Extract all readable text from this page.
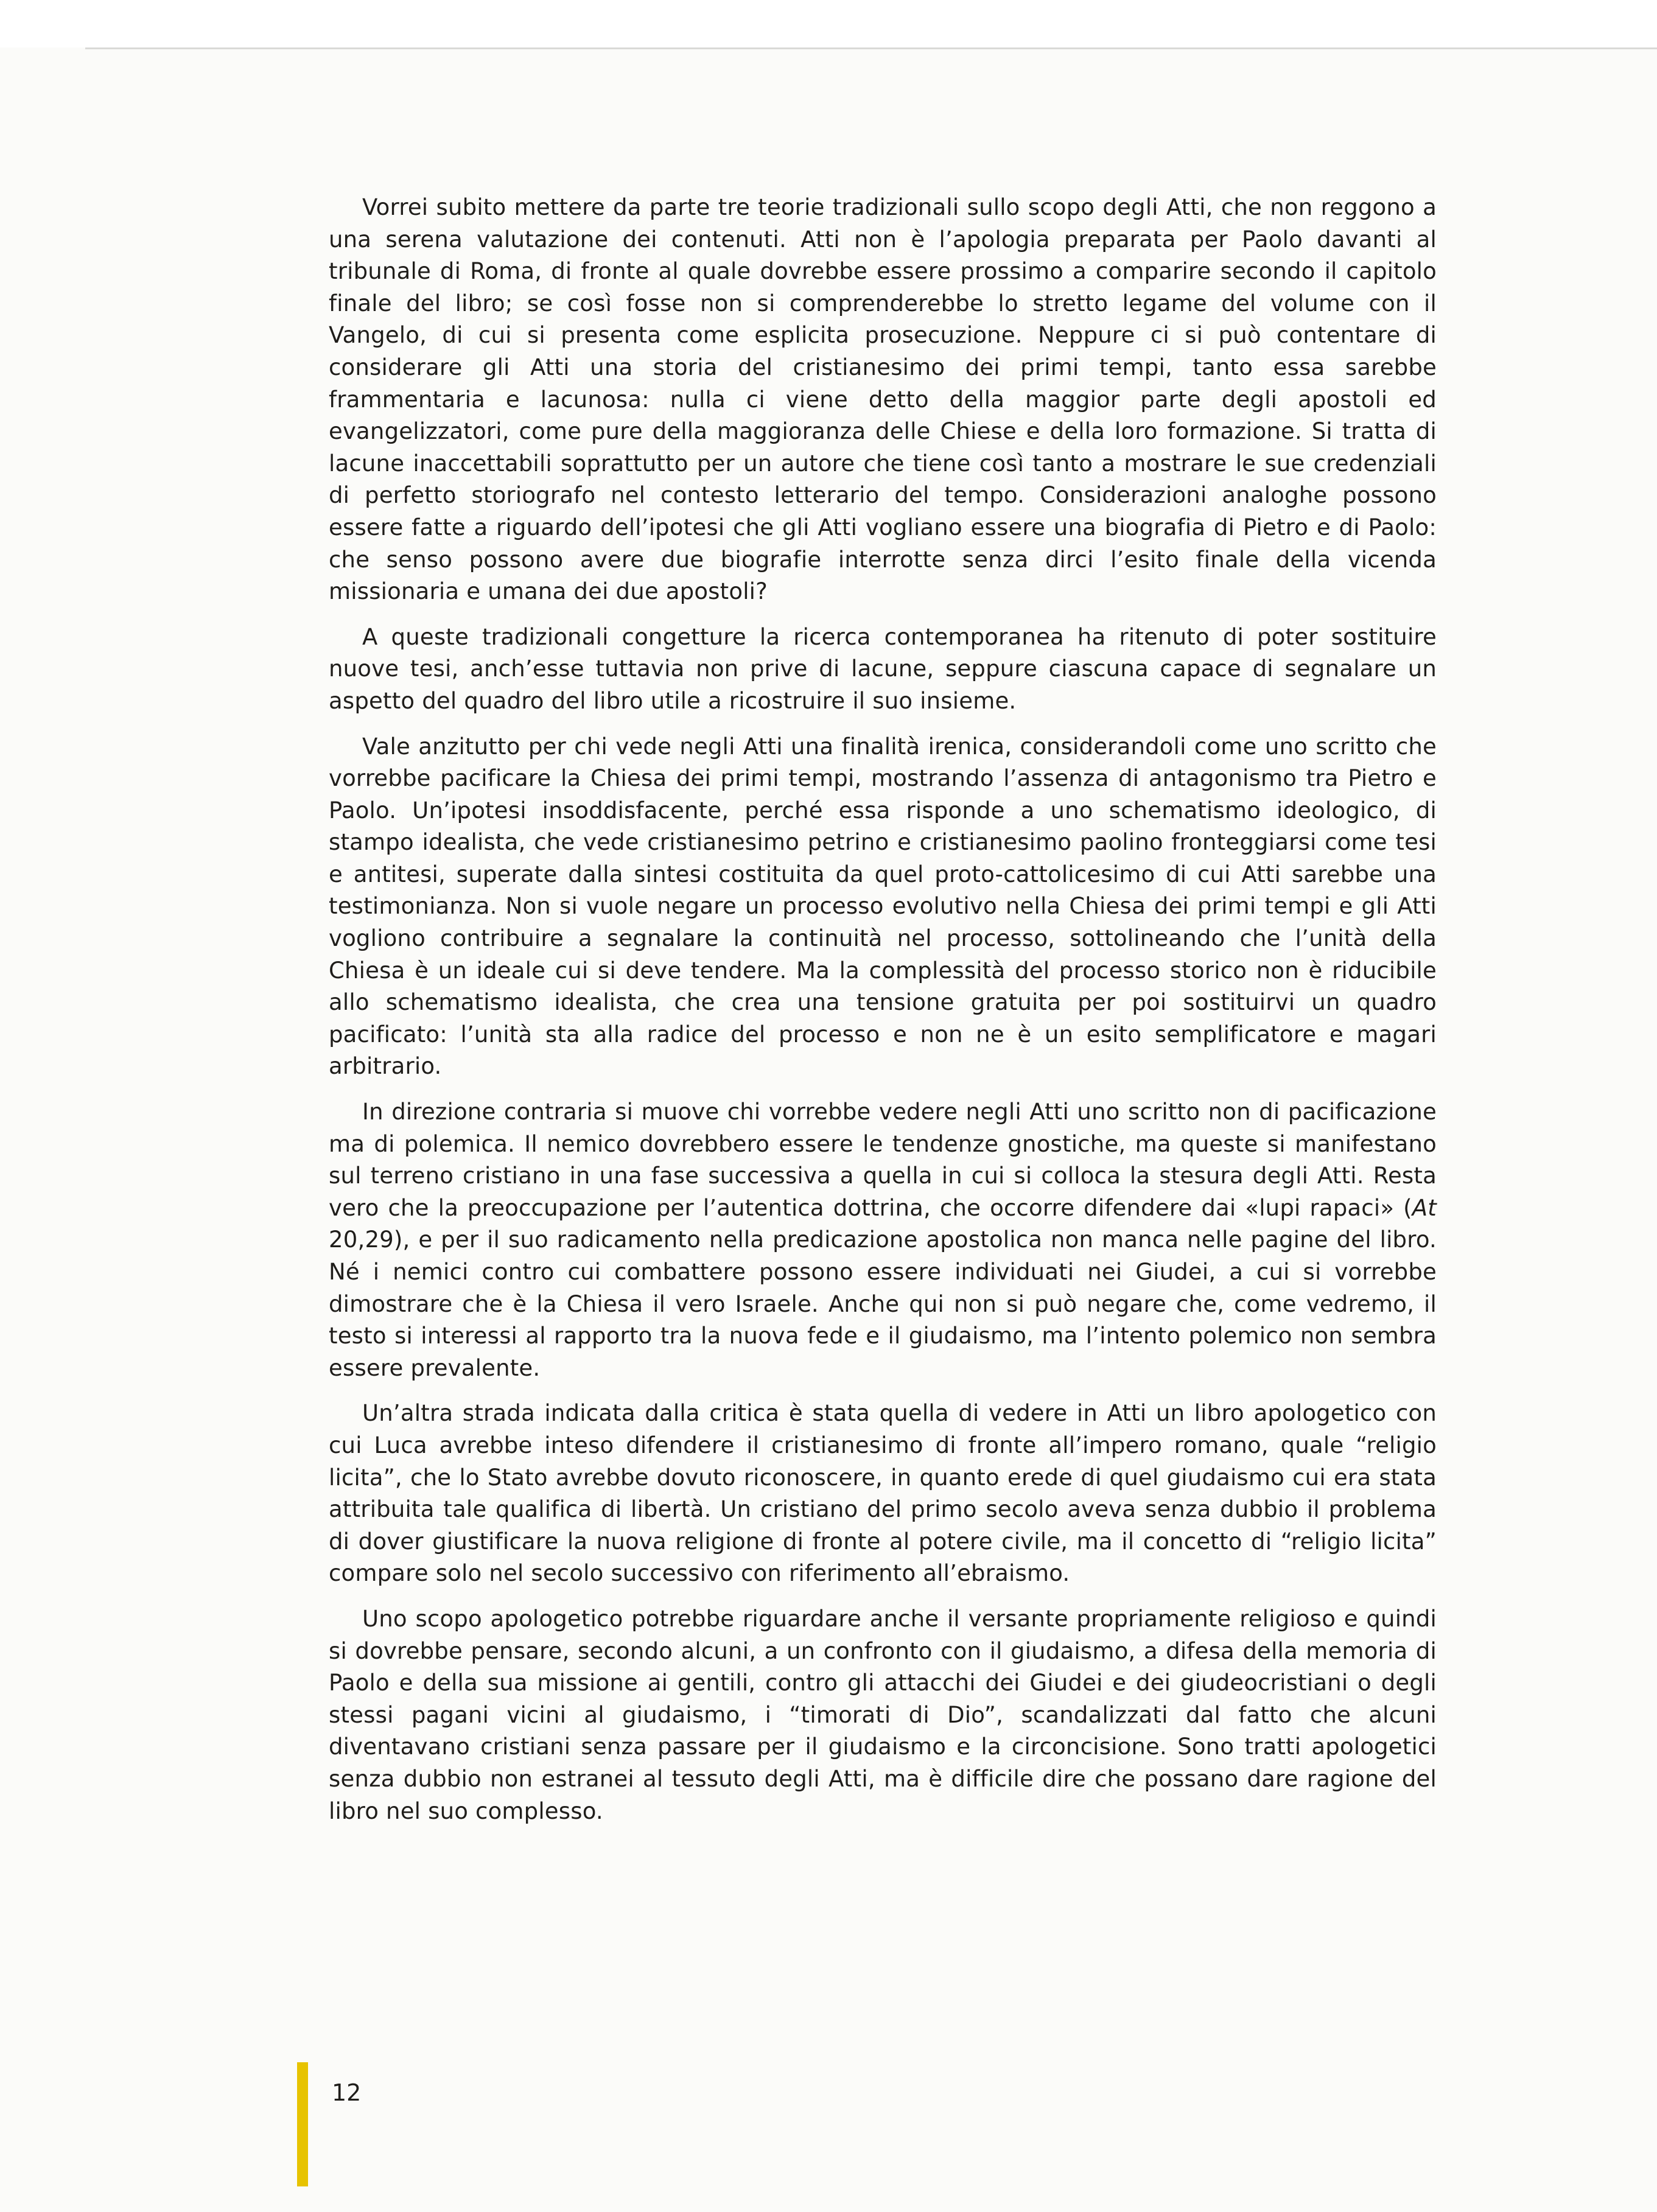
Vorrei subito mettere da parte tre teorie tradizionali sullo scopo degli Atti, che non reggono a una serena valutazione dei contenuti. Atti non è l’apologia preparata per Paolo davanti al tribunale di Roma, di fronte al quale dovrebbe essere prossimo a comparire secondo il capitolo finale del libro; se così fosse non si comprenderebbe lo stretto legame del volume con il Vangelo, di cui si presenta come esplicita prosecuzione. Neppure ci si può contentare di considerare gli Atti una storia del cristianesimo dei primi tempi, tanto essa sarebbe frammentaria e lacunosa: nulla ci viene detto della maggior parte degli apostoli ed evangelizzatori, come pure della maggioranza delle Chiese e della loro formazione. Si tratta di lacune inaccettabili soprattutto per un autore che tiene così tanto a mostrare le sue credenziali di perfetto storiografo nel contesto letterario del tempo. Considerazioni analoghe possono essere fatte a riguardo dell’ipotesi che gli Atti vogliano essere una biografia di Pietro e di Paolo: che senso possono avere due biografie interrotte senza dirci l’esito finale della vicenda missionaria e umana dei due apostoli?

A queste tradizionali congetture la ricerca contemporanea ha ritenuto di poter sostituire nuove tesi, anch’esse tuttavia non prive di lacune, seppure ciascuna capace di segnalare un aspetto del quadro del libro utile a ricostruire il suo insieme.

Vale anzitutto per chi vede negli Atti una finalità irenica, considerandoli come uno scritto che vorrebbe pacificare la Chiesa dei primi tempi, mostrando l’assenza di antagonismo tra Pietro e Paolo. Un’ipotesi insoddisfacente, perché essa risponde a uno schematismo ideologico, di stampo idealista, che vede cristianesimo petrino e cristianesimo paolino fronteggiarsi come tesi e antitesi, superate dalla sintesi costituita da quel proto-cattolicesimo di cui Atti sarebbe una testimonianza. Non si vuole negare un processo evolutivo nella Chiesa dei primi tempi e gli Atti vogliono contribuire a segnalare la continuità nel processo, sottolineando che l’unità della Chiesa è un ideale cui si deve tendere. Ma la complessità del processo storico non è riducibile allo schematismo idealista, che crea una tensione gratuita per poi sostituirvi un quadro pacificato: l’unità sta alla radice del processo e non ne è un esito semplificatore e magari arbitrario.

In direzione contraria si muove chi vorrebbe vedere negli Atti uno scritto non di pacificazione ma di polemica. Il nemico dovrebbero essere le tendenze gnostiche, ma queste si manifestano sul terreno cristiano in una fase successiva a quella in cui si colloca la stesura degli Atti. Resta vero che la preoccupazione per l’autentica dottrina, che occorre difendere dai «lupi rapaci» (At 20,29), e per il suo radicamento nella predicazione apostolica non manca nelle pagine del libro. Né i nemici contro cui combattere possono essere individuati nei Giudei, a cui si vorrebbe dimostrare che è la Chiesa il vero Israele. Anche qui non si può negare che, come vedremo, il testo si interessi al rapporto tra la nuova fede e il giudaismo, ma l’intento polemico non sembra essere prevalente.

Un’altra strada indicata dalla critica è stata quella di vedere in Atti un libro apologetico con cui Luca avrebbe inteso difendere il cristianesimo di fronte all’impero romano, quale “religio licita”, che lo Stato avrebbe dovuto riconoscere, in quanto erede di quel giudaismo cui era stata attribuita tale qualifica di libertà. Un cristiano del primo secolo aveva senza dubbio il problema di dover giustificare la nuova religione di fronte al potere civile, ma il concetto di “religio licita” compare solo nel secolo successivo con riferimento all’ebraismo.

Uno scopo apologetico potrebbe riguardare anche il versante propriamente religioso e quindi si dovrebbe pensare, secondo alcuni, a un confronto con il giudaismo, a difesa della memoria di Paolo e della sua missione ai gentili, contro gli attacchi dei Giudei e dei giudeocristiani o degli stessi pagani vicini al giudaismo, i “timorati di Dio”, scandalizzati dal fatto che alcuni diventavano cristiani senza passare per il giudaismo e la circoncisione. Sono tratti apologetici senza dubbio non estranei al tessuto degli Atti, ma è difficile dire che possano dare ragione del libro nel suo complesso.

12
